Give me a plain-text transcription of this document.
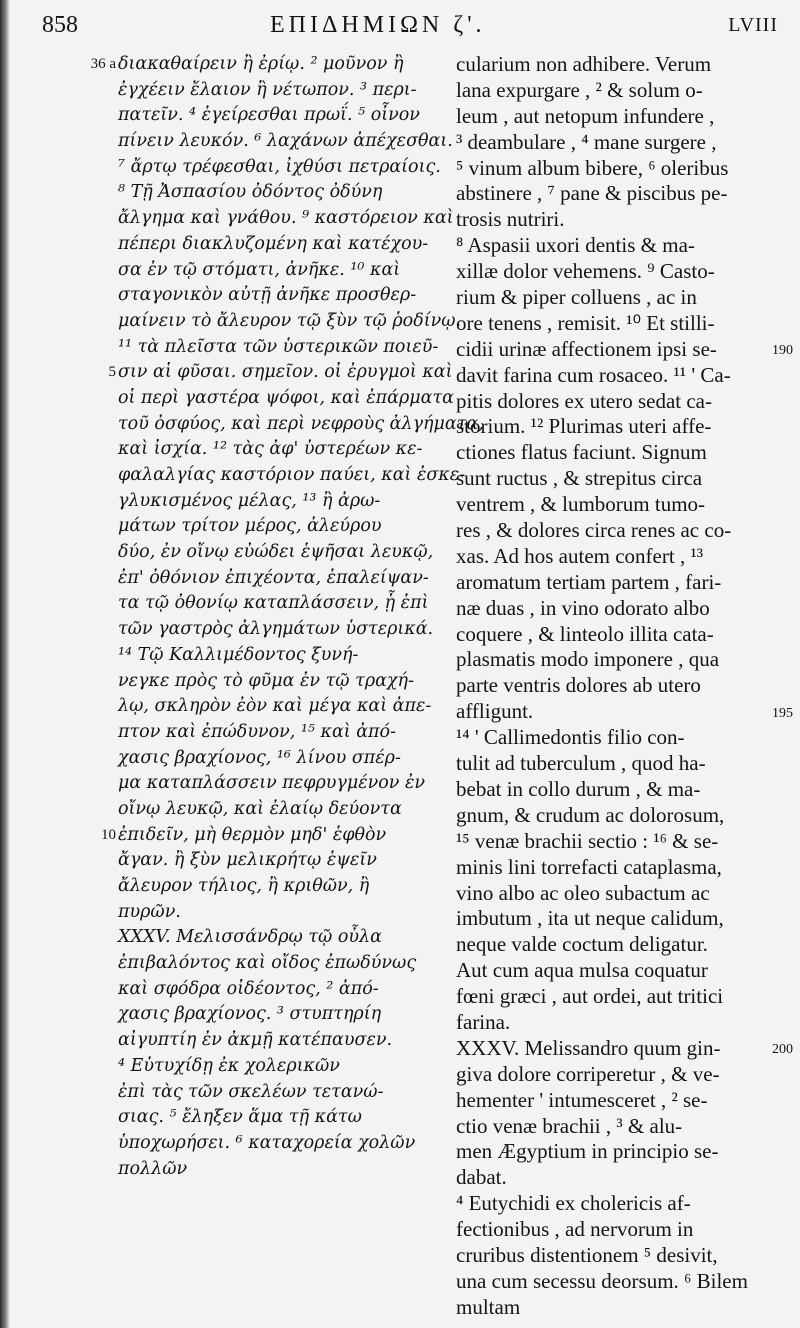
858	ΕΠΙΔΗΜΙΩΝ ζ'.	LVIII
διακαθαίρειν ἢ ἐρίῳ. ² μοῦνον ἢ
ἐγχέειν ἔλαιον ἢ νέτωπον. ³ περι-
πατεῖν. ⁴ ἐγείρεσθαι πρωΐ. ⁵ οἶνον
πίνειν λευκόν. ⁶ λαχάνων ἀπέχεσθαι.
⁷ ἄρτῳ τρέφεσθαι, ἰχθύσι πετραίοις.
⁸ Τῇ Ἀσπασίου ὀδόντος ὀδύνη
ἄλγημα καὶ γνάθου. ⁹ καστόρειον καὶ
πέπερι διακλυζομένη καὶ κατέχου-
σα ἐν τῷ στόματι, ἀνῆκε. ¹⁰ καὶ
σταγονικὸν αὐτῇ ἀνῆκε προσθερ-
μαίνειν τὸ ἄλευρον τῷ ξὺν τῷ ῥοδίνῳ.
¹¹ τὰ πλεῖστα τῶν ὑστερικῶν ποιεῦ-
σιν αἱ φῦσαι. σημεῖον. οἱ ἐρυγμοὶ καὶ
οἱ περὶ γαστέρα ψόφοι, καὶ ἐπάρματα
τοῦ ὀσφύος, καὶ περὶ νεφροὺς ἀλγήματα,
καὶ ἰσχία. ¹² τὰς ἀφ' ὑστερέων κε-
φαλαλγίας καστόριον παύει, καὶ ἐσκε-
γλυκισμένος μέλας, ¹³ ἢ ἀρω-
μάτων τρίτον μέρος, ἀλεύρου
δύο, ἐν οἴνῳ εὐώδει ἑψῆσαι λευκῷ,
ἐπ' ὀθόνιον ἐπιχέοντα, ἐπαλείψαν-
τα τῷ ὀθονίῳ καταπλάσσειν, ᾗ ἐπὶ
τῶν γαστρὸς ἀλγημάτων ὑστερικά.
¹⁴ Τῷ Καλλιμέδοντος ξυνή-
νεγκε πρὸς τὸ φῦμα ἐν τῷ τραχή-
λῳ, σκληρὸν ἐὸν καὶ μέγα καὶ ἀπε-
πτον καὶ ἐπώδυνον, ¹⁵ καὶ ἀπό-
χασις βραχίονος, ¹⁶ λίνου σπέρ-
μα καταπλάσσειν πεφρυγμένον ἐν
οἴνῳ λευκῷ, καὶ ἐλαίῳ δεύοντα
ἐπιδεῖν, μὴ θερμὸν μηδ' ἑφθὸν
ἄγαν. ἢ ξὺν μελικρήτῳ ἑψεῖν
ἄλευρον τήλιος, ἢ κριθῶν, ἢ
πυρῶν.
XXXV. Μελισσάνδρῳ τῷ οὖλα
ἐπιβαλόντος καὶ οἴδος ἐπωδύνως
καὶ σφόδρα οἰδέοντος, ² ἀπό-
χασις βραχίονος. ³ στυπτηρίη
αἰγυπτίη ἐν ἀκμῇ κατέπαυσεν.
⁴ Εὐτυχίδῃ ἐκ χολερικῶν
ἐπὶ τὰς τῶν σκελέων τετανώ-
σιας. ⁵ ἔληξεν ἅμα τῇ κάτω
ὑποχωρήσει. ⁶ καταχορεία χολῶν
πολλῶν
cularium non adhibere. Verum
lana expurgare , ² & solum o-
leum , aut netopum infundere ,
³ deambulare , ⁴ mane surgere ,
⁵ vinum album bibere, ⁶ oleribus
abstinere , ⁷ pane & piscibus pe-
trosis nutriri.
⁸ Aspasii uxori dentis & ma-
xillæ dolor vehemens. ⁹ Casto-
rium & piper colluens , ac in
ore tenens , remisit. ¹⁰ Et stilli-
cidii urinæ affectionem ipsi se-
davit farina cum rosaceo. ¹¹ ' Ca-
pitis dolores ex utero sedat ca-
storium. ¹² Plurimas uteri affe-
ctiones flatus faciunt. Signum
sunt ructus , & strepitus circa
ventrem , & lumborum tumo-
res , & dolores circa renes ac co-
xas. Ad hos autem confert , ¹³
aromatum tertiam partem , fari-
næ duas , in vino odorato albo
coquere , & linteolo illita cata-
plasmatis modo imponere , qua
parte ventris dolores ab utero
affligunt.
¹⁴ ' Callimedontis filio con-
tulit ad tuberculum , quod ha-
bebat in collo durum , & ma-
gnum, & crudum ac dolorosum,
¹⁵ venæ brachii sectio : ¹⁶ & se-
minis lini torrefacti cataplasma,
vino albo ac oleo subactum ac
imbutum , ita ut neque calidum,
neque valde coctum deligatur.
Aut cum aqua mulsa coquatur
fœni græci , aut ordei, aut tritici
farina.
XXXV. Melissandro quum gin-
giva dolore corriperetur , & ve-
hementer ' intumesceret , ² se-
ctio venæ brachii , ³ & alu-
men Ægyptium in principio se-
dabat.
⁴ Eutychidi ex cholericis af-
fectionibus , ad nervorum in
cruribus distentionem ⁵ desivit,
una cum secessu deorsum. ⁶ Bilem
multam
36 a
5
10
190
195
200
